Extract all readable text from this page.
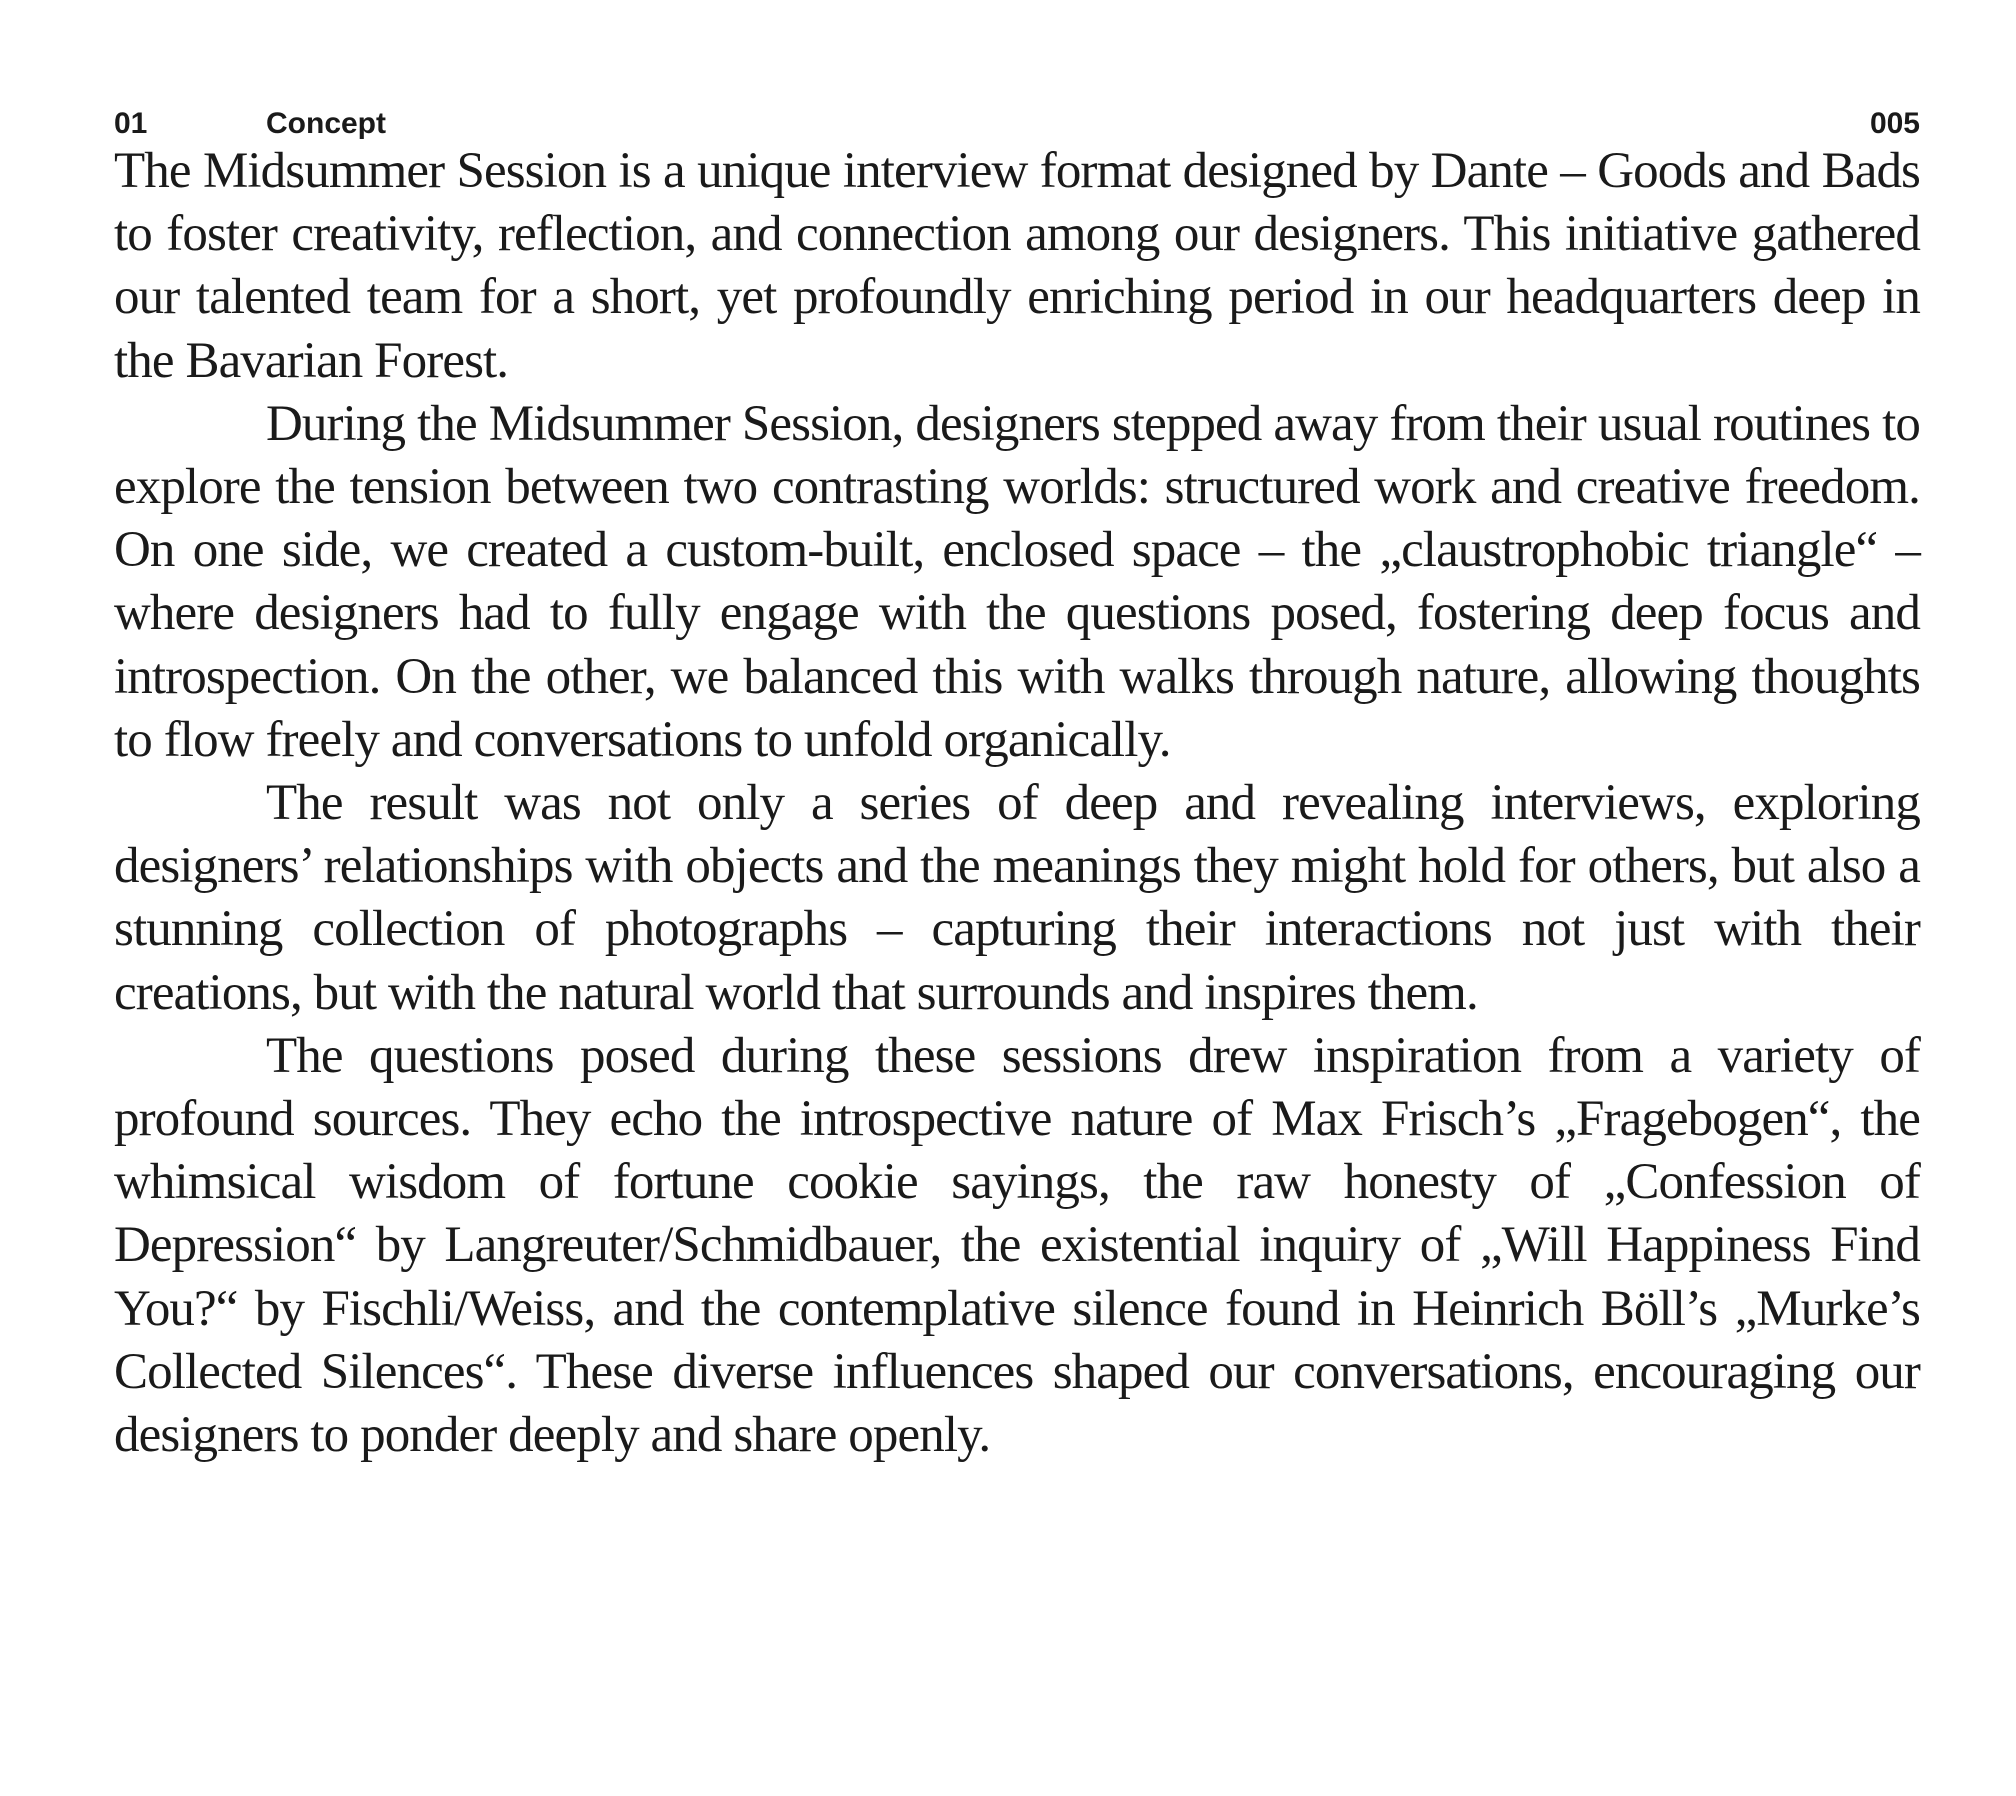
01	Concept	005

The Midsummer Session is a unique interview format designed by Dante – Goods and Bads to foster creativity, reflection, and connection among our designers. This initiative gathered our talented team for a short, yet profoundly enriching period in our headquarters deep in the Bavarian Forest.

During the Midsummer Session, designers stepped away from their usual routines to explore the tension between two contrasting worlds: structured work and creative freedom. On one side, we created a custom-built, enclosed space – the „claustrophobic triangle“ – where designers had to fully engage with the questions posed, fostering deep focus and introspection. On the other, we balanced this with walks through nature, allowing thoughts to flow freely and conversations to unfold organically.

The result was not only a series of deep and revealing interviews, exploring designers’ relationships with objects and the meanings they might hold for others, but also a stunning collection of photographs – capturing their interactions not just with their creations, but with the natural world that surrounds and inspires them.

The questions posed during these sessions drew inspiration from a variety of profound sources. They echo the introspective nature of Max Frisch’s „Fragebogen“, the whimsical wisdom of fortune cookie sayings, the raw honesty of „Confession of Depression“ by Langreuter/Schmidbauer, the existential inquiry of „Will Happiness Find You?“ by Fischli/Weiss, and the contemplative silence found in Heinrich Böll’s „Murke’s Collected Silences“. These diverse influences shaped our conversations, encouraging our designers to ponder deeply and share openly.
